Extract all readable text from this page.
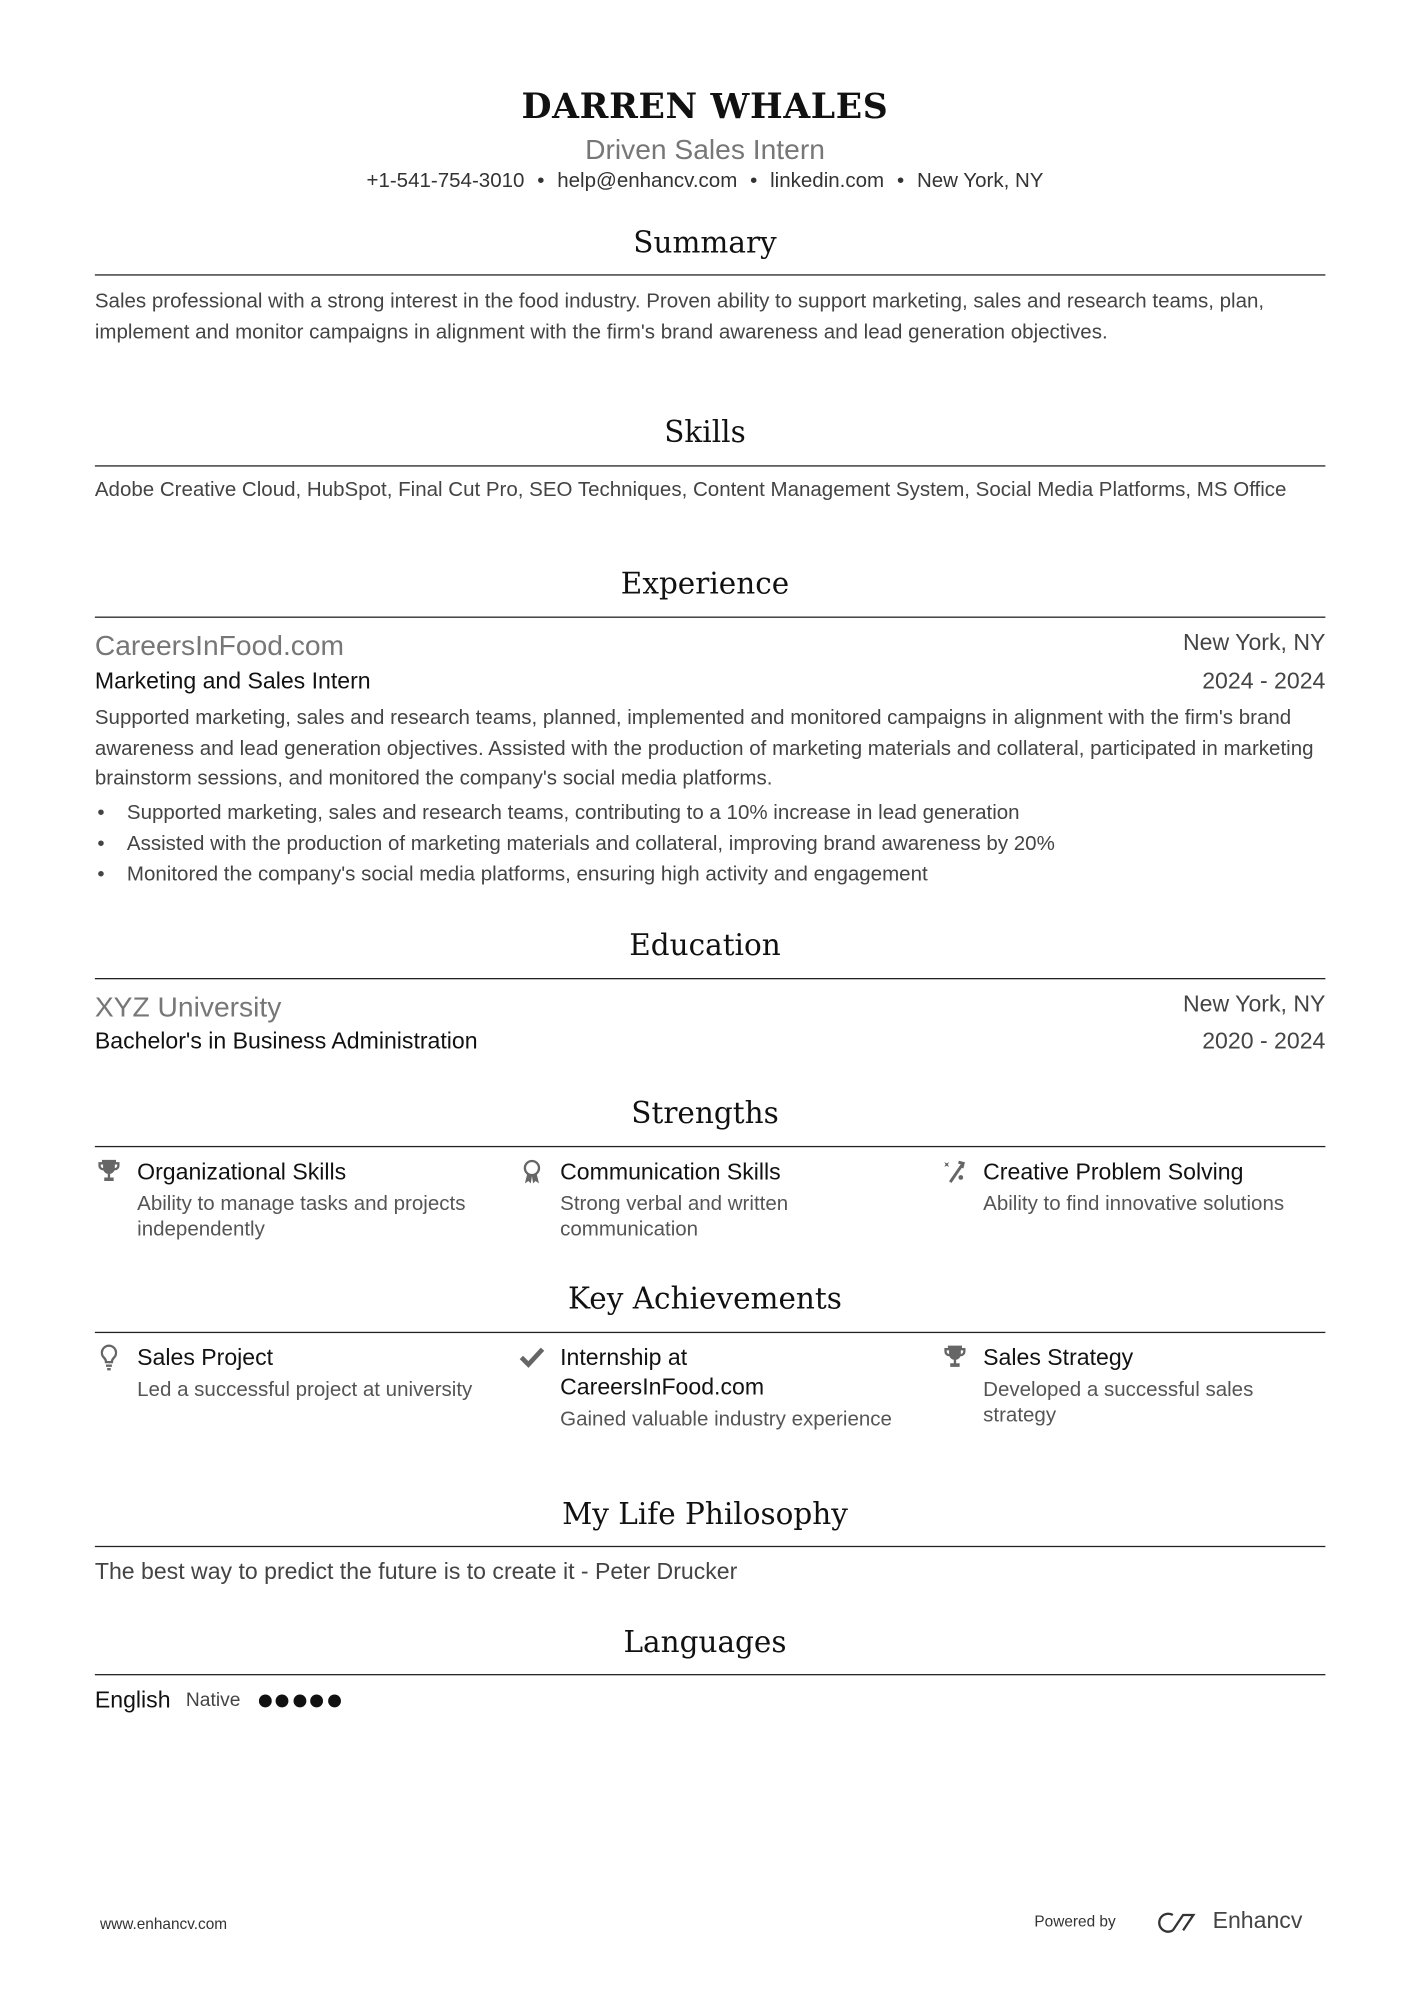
DARREN WHALES
Driven Sales Intern
+1-541-754-3010 • help@enhancv.com • linkedin.com • New York, NY
Summary
Sales professional with a strong interest in the food industry. Proven ability to support marketing, sales and research teams, plan, implement and monitor campaigns in alignment with the firm's brand awareness and lead generation objectives.
Skills
Adobe Creative Cloud, HubSpot, Final Cut Pro, SEO Techniques, Content Management System, Social Media Platforms, MS Office
Experience
CareersInFood.com	New York, NY
Marketing and Sales Intern	2024 - 2024
Supported marketing, sales and research teams, planned, implemented and monitored campaigns in alignment with the firm's brand awareness and lead generation objectives. Assisted with the production of marketing materials and collateral, participated in marketing brainstorm sessions, and monitored the company's social media platforms.
• Supported marketing, sales and research teams, contributing to a 10% increase in lead generation
• Assisted with the production of marketing materials and collateral, improving brand awareness by 20%
• Monitored the company's social media platforms, ensuring high activity and engagement
Education
XYZ University	New York, NY
Bachelor's in Business Administration	2020 - 2024
Strengths
Organizational Skills
Ability to manage tasks and projects independently
Communication Skills
Strong verbal and written communication
Creative Problem Solving
Ability to find innovative solutions
Key Achievements
Sales Project
Led a successful project at university
Internship at CareersInFood.com
Gained valuable industry experience
Sales Strategy
Developed a successful sales strategy
My Life Philosophy
The best way to predict the future is to create it - Peter Drucker
Languages
English Native
www.enhancv.com	Powered by	Enhancv
